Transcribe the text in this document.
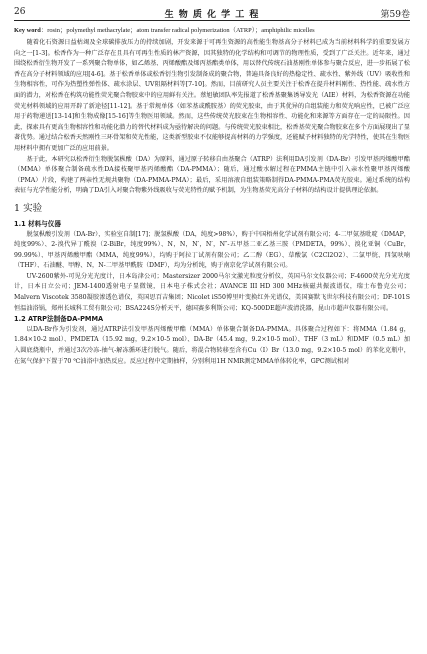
26	生 物 质 化 学 工 程	第59卷
Key word：rosin；polymethyl methacrylate；atom transfer radical polymerization（ATRP）；amphiphilic micelles

随着化石资源日益枯竭及全球碳排放压力的持续加剧，开发来源于可再生资源的高性能生物基高分子材料已成为当前材料科学的重要发展方向之一[1-3]。松香作为一种广泛存在且具有可再生性质的林产资源，因其独特的化学结构和可调节的物理性质，受到了广泛关注。近年来，通过围绕松香衍生物开发了一系列聚合物单体，如乙烯基、丙烯酸酯及烯丙基酯类单体，用以替代传统石油基刚性单体参与聚合反应，进一步拓展了松香在高分子材料领域的应用[4-6]。基于松香单体或松香衍生物引发制备成的聚合物，普遍具备良好的热稳定性、疏水性、紫外线（UV）吸收性和生物相容性，可作为热塑性弹性体、疏水涂层、UV阻隔材料等[7-10]。然而，目前研究人员主要关注于松香在提升材料刚性、热性能、疏水性方面的潜力，对松香在构筑功能性荧光聚合物胶束中的应用鲜有关注。蔡旭敏团队率先报道了松香基聚集诱导发光（AIE）材料，为松香资源在功能荧光材料领域的应用开辟了新途径[11-12]。基于常规单体（如苯基或酰胺基）的荧光胶束，由于其优异的自组装能力和荧光响应性，已被广泛应用于药物递送[13-14]和生物成像[15-16]等生物医用领域。然而，这些传统荧光胶束在生物相容性、功能化和来源等方面存在一定的局限性。因此，探索具有更高生物相容性和功能化潜力的替代材料成为亟待解决的问题。与传统荧光胶束相比，松香基荧光聚合物胶束在多个方面展现出了显著优势。通过结合松香天然刚性三环骨架和荧光性能，这类新型胶束不仅能够提高材料的力学强度，还能赋予材料独特的光学特性，使其在生物医用材料中拥有更加广泛的应用前景。

基于此，本研究以松香衍生物脱氢枞酸（DA）为原料，通过原子转移自由基聚合（ATRP）法利用DA引发剂（DA-Br）引发甲基丙烯酸甲酯（MMA）单体聚合制备疏水性DA接枝聚甲基丙烯酸酯（DA-PMMA）；随后，通过酸水解过程在PMMA主链中引入亲水性聚甲基丙烯酸（PMA）片段，构建了两亲性无规共聚物（DA-PMMA-PMA）；最后，采用溶液自组装策略制得DA-PMMA-PMA荧光胶束。通过系统的结构表征与光学性能分析，明确了DA引入对聚合物紫外线吸收与荧光特性的赋予机制，为生物基荧光高分子材料的结构设计提供理论依据。

1 实验
1.1 材料与仪器

脱氢枞酸引发剂（DA-Br），实验室自制[17]；脱氢枞酸（DA，纯度>98%），购于中国梧州化学试剂有限公司；4-二甲氨基吡啶（DMAP，纯度99%）、2-溴代异丁酰溴（2-BiBr，纯度99%）、N，N，N′，N′，N″-五甲基二亚乙基三胺（PMDETA，99%）、溴化亚铜（CuBr，99.99%）、甲基丙烯酸甲酯（MMA，纯度99%），均购于阿拉丁试剂有限公司；乙二醇（EG）、草酸氯（C2Cl2O2）、二氯甲烷、四氢呋喃（THF）、石油醚、甲醇、N，N-二甲基甲酰胺（DMF），均为分析纯，购于南京化学试剂有限公司。

UV-2600紫外-可见分光光度计，日本岛津公司；Mastersizer 2000马尔文激光粒度分析仪，英国马尔文仪器公司；F-4600荧光分光光度计，日本日立公司；JEM-1400透射电子显微镜，日本电子株式会社；AVANCE III HD 300 MHz核磁共振波谱仪，瑞士布鲁克公司；Malvern Viscotek 3580凝胶渗透色谱仪，英国思百吉集团；Nicolet iS50博里叶变换红外光谱仪，美国赛默飞世尔科技有限公司；DF-101S恒温油浴锅，郑州长城科工贸有限公司；BSA224S分析天平，德国赛多利斯公司；KQ-500DE超声波清洗器，昆山市超声仪器有限公司。

1.2 ATRP法制备DA-PMMA

以DA-Br作为引发剂，通过ATRP法引发甲基丙烯酸甲酯（MMA）单体聚合制备DA-PMMA。具体聚合过程如下：将MMA（1.84 g，1.84×10-2 mol）、PMDETA（15.92 mg，9.2×10-5 mol）、DA-Br（45.4 mg，9.2×10-5 mol）、THF（3 mL）和DMF（0.5 mL）加入圆底烧瓶中，并通过3次冷冻-抽气-解冻循环进行脱气。随后，将混合物转移至含有Cu（I）Br（13.0 mg，9.2×10-5 mol）的苯化克瓶中，在氮气保护下置于70 ℃油浴中加热反应。反应过程中定期抽样，分别利用1H NMR测定MMA单体转化率，GPC测试相对
